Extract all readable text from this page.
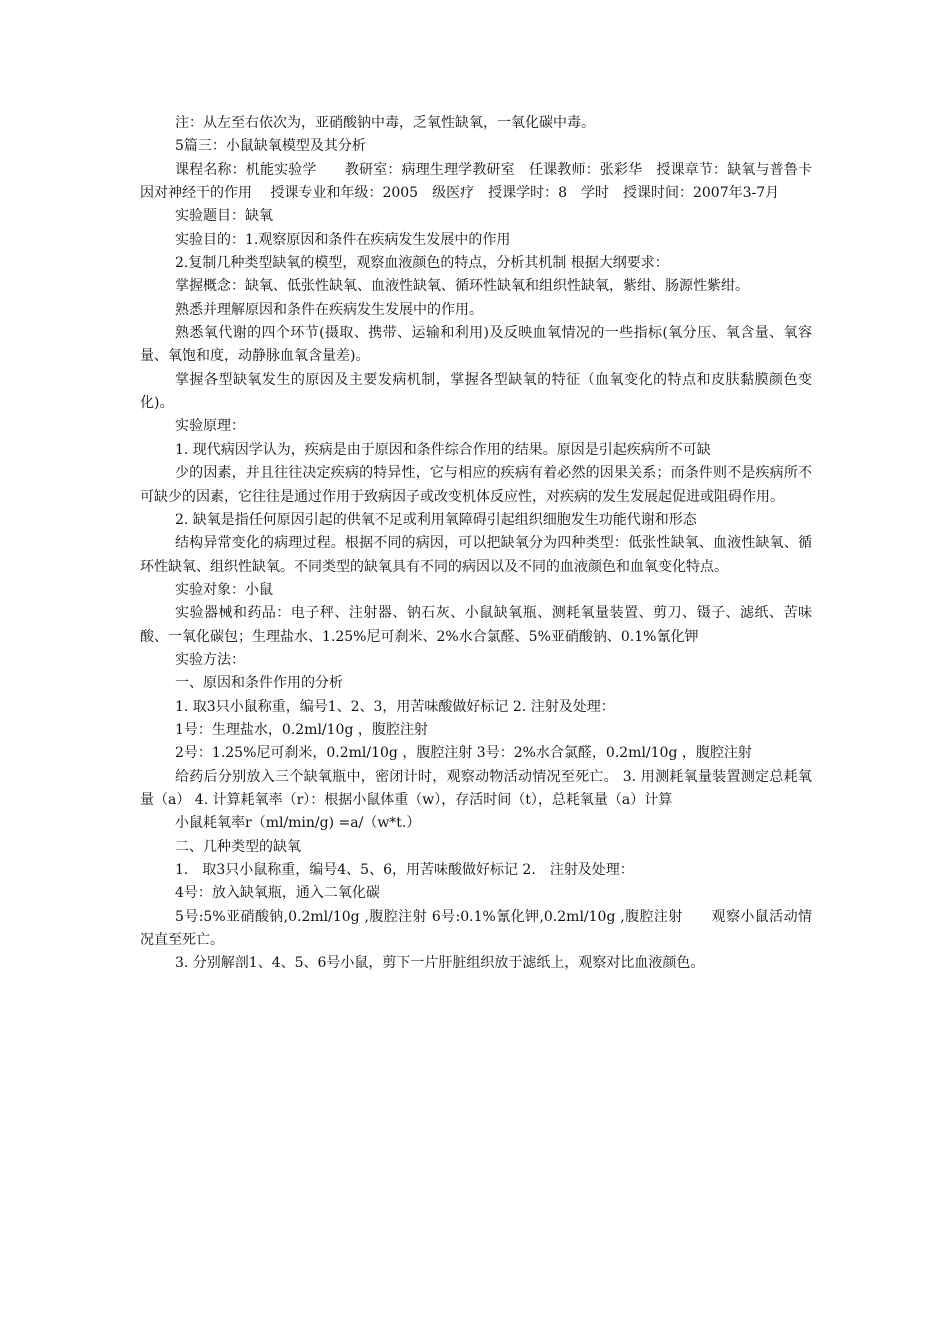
注：从左至右依次为，亚硝酸钠中毒，乏氧性缺氧，一氧化碳中毒。

5篇三：小鼠缺氧模型及其分析

课程名称：机能实验学　　教研室：病理生理学教研室　任课教师：张彩华　授课章节：缺氧与普鲁卡因对神经干的作用　 授课专业和年级：2005　级医疗　授课学时：8　学时　授课时间：2007年3-7月

实验题目：缺氧

实验目的：1.观察原因和条件在疾病发生发展中的作用

2.复制几种类型缺氧的模型，观察血液颜色的特点，分析其机制 根据大纲要求：

掌握概念：缺氧、低张性缺氧、血液性缺氧、循环性缺氧和组织性缺氧，紫绀、肠源性紫绀。

熟悉并理解原因和条件在疾病发生发展中的作用。

熟悉氧代谢的四个环节(摄取、携带、运输和利用)及反映血氧情况的一些指标(氧分压、氧含量、氧容量、氧饱和度，动静脉血氧含量差)。

掌握各型缺氧发生的原因及主要发病机制，掌握各型缺氧的特征（血氧变化的特点和皮肤黏膜颜色变化)。

实验原理：

1. 现代病因学认为，疾病是由于原因和条件综合作用的结果。原因是引起疾病所不可缺

少的因素，并且往往决定疾病的特异性，它与相应的疾病有着必然的因果关系；而条件则不是疾病所不可缺少的因素，它往往是通过作用于致病因子或改变机体反应性，对疾病的发生发展起促进或阻碍作用。

2. 缺氧是指任何原因引起的供氧不足或利用氧障碍引起组织细胞发生功能代谢和形态

结构异常变化的病理过程。根据不同的病因，可以把缺氧分为四种类型：低张性缺氧、血液性缺氧、循环性缺氧、组织性缺氧。不同类型的缺氧具有不同的病因以及不同的血液颜色和血氧变化特点。

实验对象：小鼠

实验器械和药品：电子秤、注射器、钠石灰、小鼠缺氧瓶、测耗氧量装置、剪刀、镊子、滤纸、苦味酸、一氧化碳包；生理盐水、1.25%尼可刹米、2%水合氯醛、5%亚硝酸钠、0.1%氰化钾

实验方法：

一、原因和条件作用的分析

1. 取3只小鼠称重，编号1、2、3，用苦味酸做好标记 2. 注射及处理：

1号：生理盐水，0.2ml/10g ，腹腔注射

2号：1.25%尼可刹米，0.2ml/10g ，腹腔注射 3号：2%水合氯醛，0.2ml/10g ，腹腔注射

给药后分别放入三个缺氧瓶中，密闭计时，观察动物活动情况至死亡。 3. 用测耗氧量装置测定总耗氧量（a） 4. 计算耗氧率（r）：根据小鼠体重（w），存活时间（t），总耗氧量（a）计算

小鼠耗氧率r（ml/min/g) =a/（w*t.）

二、几种类型的缺氧

1.　取3只小鼠称重，编号4、5、6，用苦味酸做好标记 2.　注射及处理：

4号：放入缺氧瓶，通入二氧化碳

5号:5%亚硝酸钠,0.2ml/10g ,腹腔注射 6号:0.1%氰化钾,0.2ml/10g ,腹腔注射　　观察小鼠活动情况直至死亡。

3. 分别解剖1、4、5、6号小鼠，剪下一片肝脏组织放于滤纸上，观察对比血液颜色。
